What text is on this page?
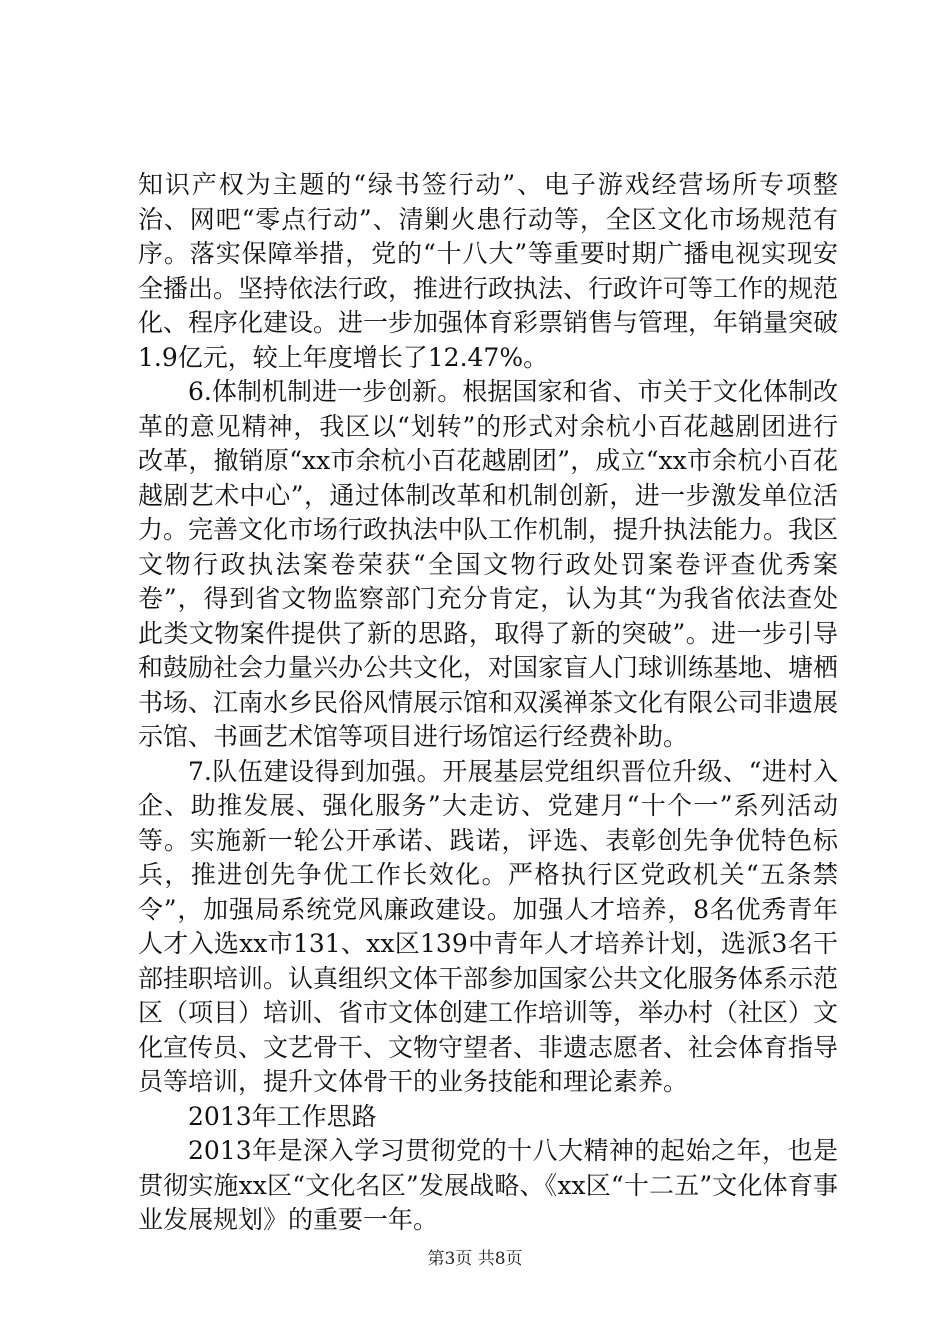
知识产权为主题的“绿书签行动”、电子游戏经营场所专项整治、网吧“零点行动”、清剿火患行动等，全区文化市场规范有序。落实保障举措，党的“十八大”等重要时期广播电视实现安全播出。坚持依法行政，推进行政执法、行政许可等工作的规范化、程序化建设。进一步加强体育彩票销售与管理，年销量突破1.9亿元，较上年度增长了12.47%。

6.体制机制进一步创新。根据国家和省、市关于文化体制改革的意见精神，我区以“划转”的形式对余杭小百花越剧团进行改革，撤销原“xx市余杭小百花越剧团”，成立“xx市余杭小百花越剧艺术中心”，通过体制改革和机制创新，进一步激发单位活力。完善文化市场行政执法中队工作机制，提升执法能力。我区文物行政执法案卷荣获“全国文物行政处罚案卷评查优秀案卷”，得到省文物监察部门充分肯定，认为其“为我省依法查处此类文物案件提供了新的思路，取得了新的突破”。进一步引导和鼓励社会力量兴办公共文化，对国家盲人门球训练基地、塘栖书场、江南水乡民俗风情展示馆和双溪禅茶文化有限公司非遗展示馆、书画艺术馆等项目进行场馆运行经费补助。

7.队伍建设得到加强。开展基层党组织晋位升级、“进村入企、助推发展、强化服务”大走访、党建月“十个一”系列活动等。实施新一轮公开承诺、践诺，评选、表彰创先争优特色标兵，推进创先争优工作长效化。严格执行区党政机关“五条禁令”，加强局系统党风廉政建设。加强人才培养，8名优秀青年人才入选xx市131、xx区139中青年人才培养计划，选派3名干部挂职培训。认真组织文体干部参加国家公共文化服务体系示范区（项目）培训、省市文体创建工作培训等，举办村（社区）文化宣传员、文艺骨干、文物守望者、非遗志愿者、社会体育指导员等培训，提升文体骨干的业务技能和理论素养。

2013年工作思路

2013年是深入学习贯彻党的十八大精神的起始之年，也是贯彻实施xx区“文化名区”发展战略、《xx区“十二五”文化体育事业发展规划》的重要一年。

第3页 共8页
